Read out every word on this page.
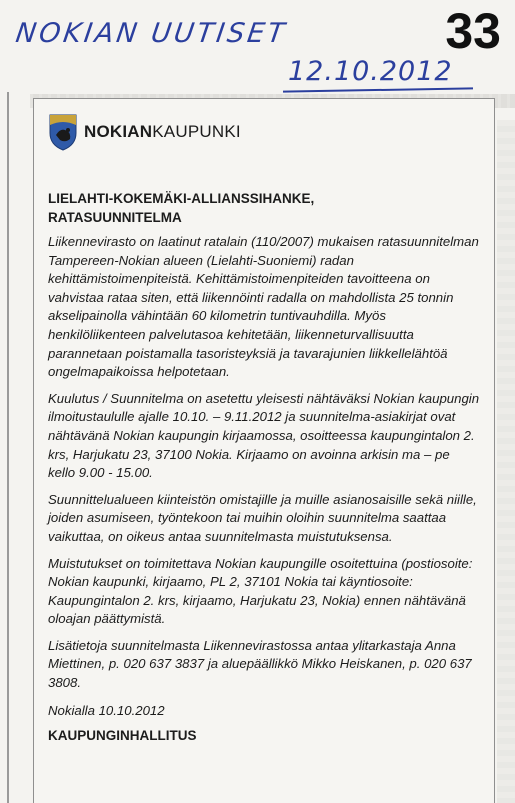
NOKIAN UUTISET	33
12.10.2012
NOKIANKAUPUNKI
LIELAHTI-KOKEMÄKI-ALLIANSSIHANKE,
RATASUUNNITELMA

Liikennevirasto on laatinut ratalain (110/2007) mukaisen ratasuunnitelman Tampereen-Nokian alueen (Lielahti-Suoniemi) radan kehittämistoimenpiteistä. Kehittämistoimenpiteiden tavoitteena on vahvistaa rataa siten, että liikennöinti radalla on mahdollista 25 tonnin akselipainolla vähintään 60 kilometrin tuntivauhdilla. Myös henkilöliikenteen palvelutasoa kehitetään, liikenneturvallisuutta parannetaan poistamalla tasoristeyksiä ja tavarajunien liikkellelähtöä ongelmapaikoissa helpotetaan.

Kuulutus / Suunnitelma on asetettu yleisesti nähtäväksi Nokian kaupungin ilmoitustaululle ajalle 10.10. – 9.11.2012 ja suunnitelma-asiakirjat ovat nähtävänä Nokian kaupungin kirjaamossa, osoitteessa kaupungintalon 2. krs, Harjukatu 23, 37100 Nokia. Kirjaamo on avoinna arkisin ma – pe kello 9.00 - 15.00.

Suunnittelualueen kiinteistön omistajille ja muille asianosaisille sekä niille, joiden asumiseen, työntekoon tai muihin oloihin suunnitelma saattaa vaikuttaa, on oikeus antaa suunnitelmasta muistutuksensa.

Muistutukset on toimitettava Nokian kaupungille osoitettuina (postiosoite: Nokian kaupunki, kirjaamo, PL 2, 37101 Nokia tai käyntiosoite: Kaupungintalon 2. krs, kirjaamo, Harjukatu 23, Nokia) ennen nähtävänä oloajan päättymistä.

Lisätietoja suunnitelmasta Liikennevirastossa antaa ylitarkastaja Anna Miettinen, p. 020 637 3837 ja aluepäällikkö Mikko Heiskanen, p. 020 637 3808.

Nokialla 10.10.2012
KAUPUNGINHALLITUS
